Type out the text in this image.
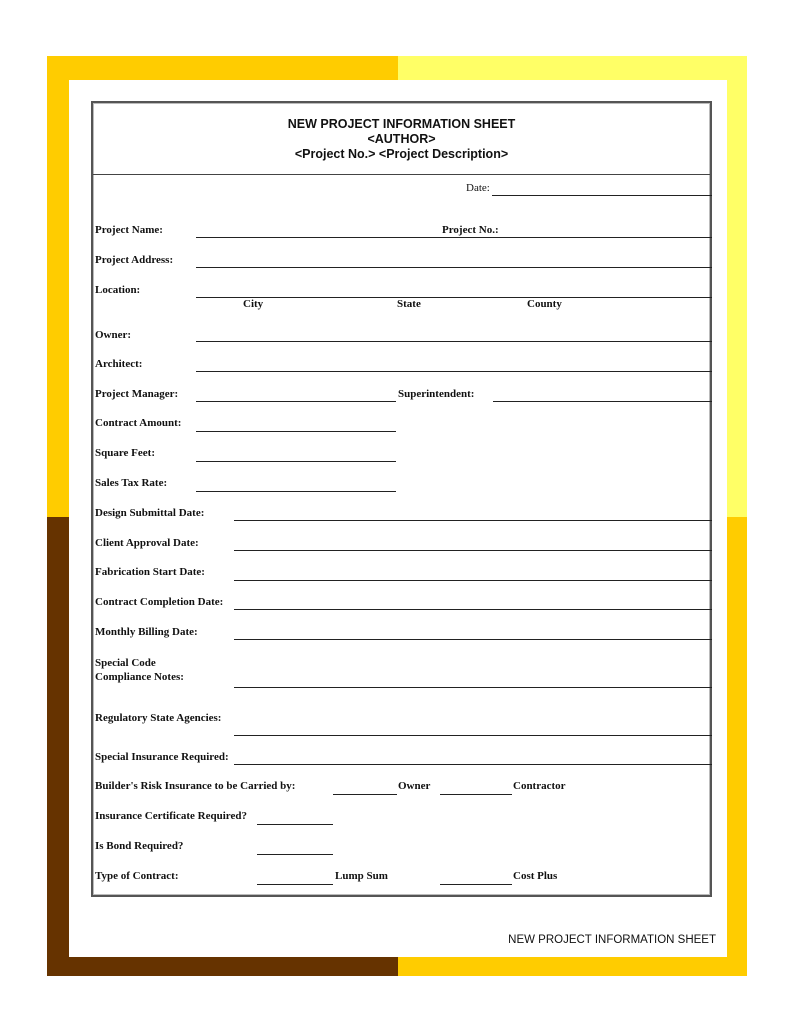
NEW PROJECT INFORMATION SHEET
<AUTHOR>
<Project No.> <Project Description>
Date:
Project Name:	Project No.:
Project Address:
Location:
City	State	County
Owner:
Architect:
Project Manager:	Superintendent:
Contract Amount:
Square Feet:
Sales Tax Rate:
Design Submittal Date:
Client Approval Date:
Fabrication Start Date:
Contract Completion Date:
Monthly Billing Date:
Special Code
Compliance Notes:
Regulatory State Agencies:
Special Insurance Required:
Builder's Risk Insurance to be Carried by:	Owner	Contractor
Insurance Certificate Required?
Is Bond Required?
Type of Contract:	Lump Sum	Cost Plus
NEW PROJECT INFORMATION SHEET
